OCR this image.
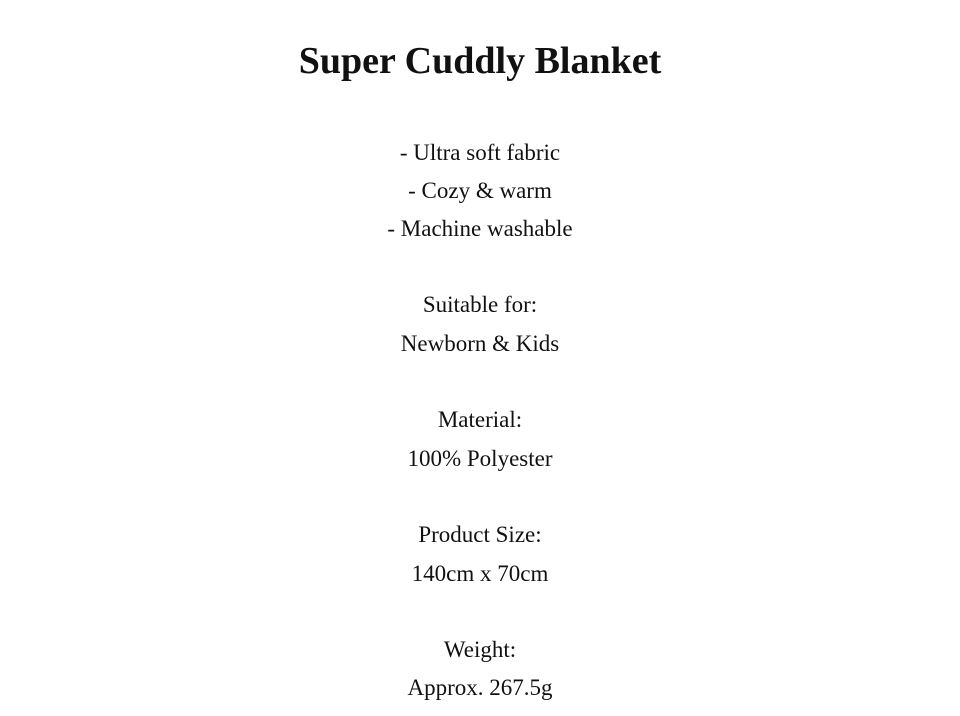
Super Cuddly Blanket

- Ultra soft fabric

- Cozy & warm

- Machine washable

Suitable for:

Newborn & Kids

Material:

100% Polyester

Product Size:

140cm x 70cm

Weight:

Approx. 267.5g
